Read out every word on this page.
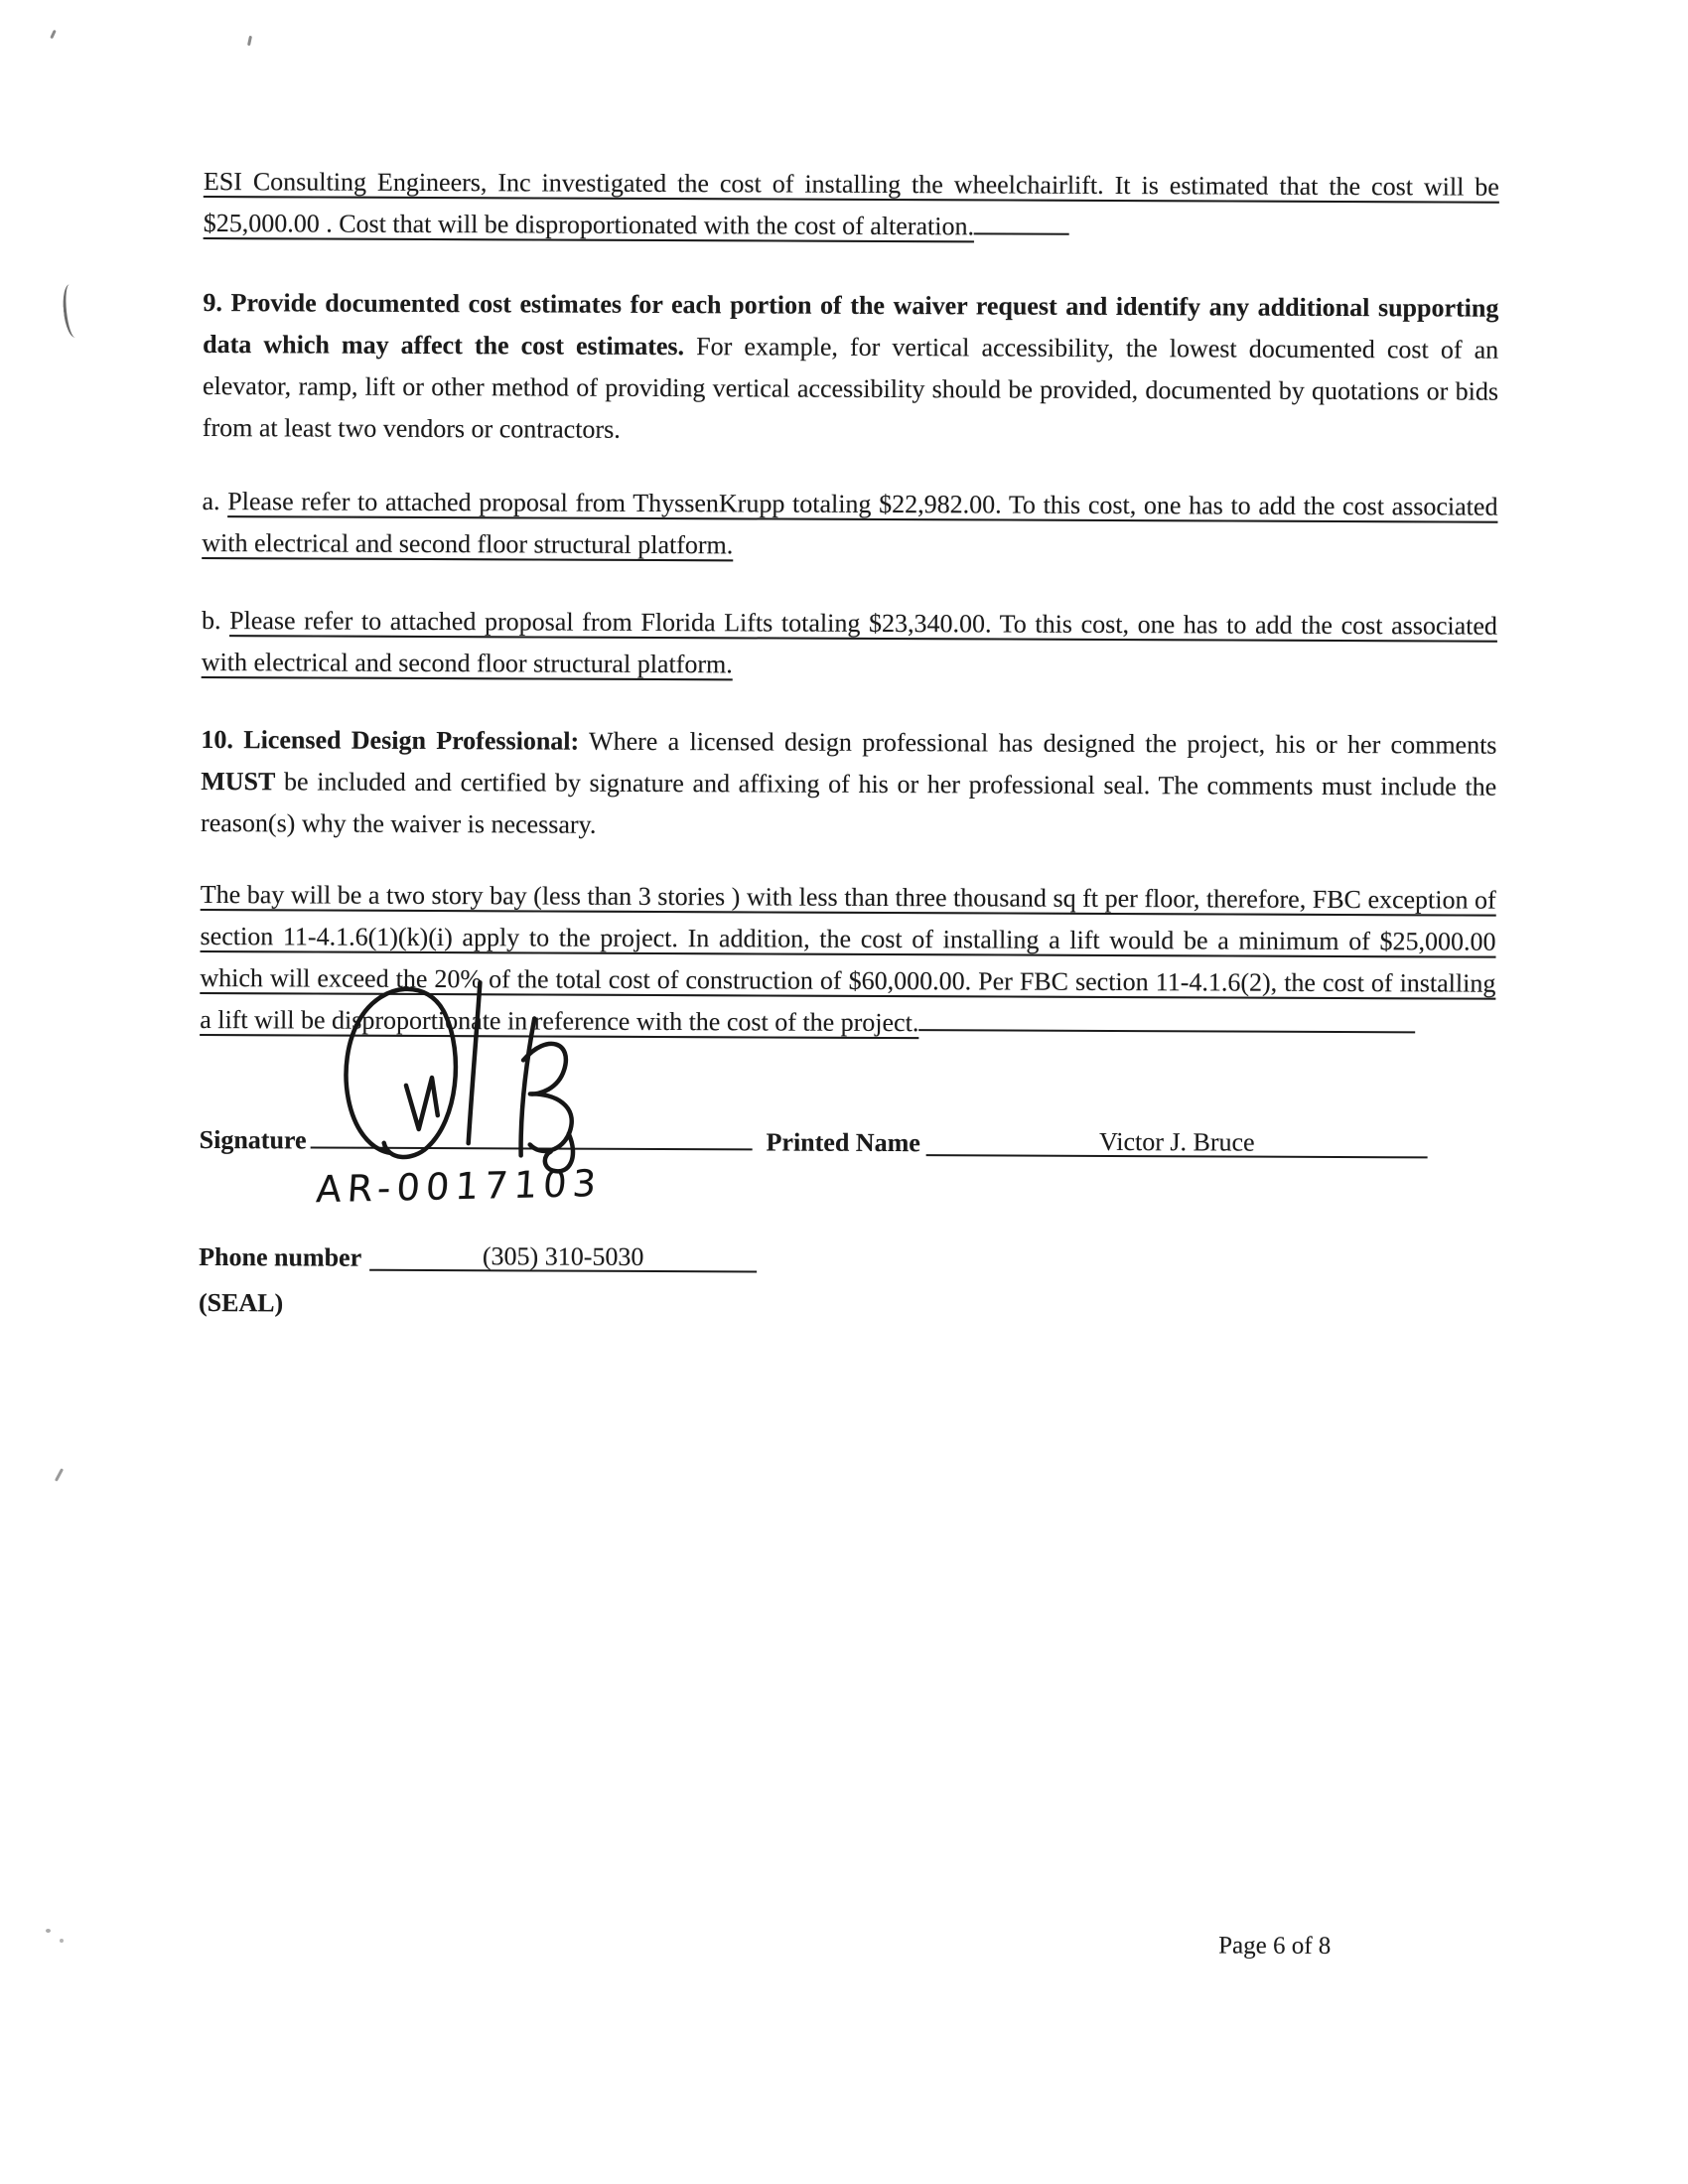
ESI Consulting Engineers, Inc investigated the cost of installing the wheelchairlift. It is estimated that the cost will be $25,000.00 . Cost that will be disproportionated with the cost of alteration.

9. Provide documented cost estimates for each portion of the waiver request and identify any additional supporting data which may affect the cost estimates. For example, for vertical accessibility, the lowest documented cost of an elevator, ramp, lift or other method of providing vertical accessibility should be provided, documented by quotations or bids from at least two vendors or contractors.

a. Please refer to attached proposal from ThyssenKrupp totaling $22,982.00. To this cost, one has to add the cost associated with electrical and second floor structural platform.

b. Please refer to attached proposal from Florida Lifts totaling $23,340.00. To this cost, one has to add the cost associated with electrical and second floor structural platform.

10. Licensed Design Professional: Where a licensed design professional has designed the project, his or her comments MUST be included and certified by signature and affixing of his or her professional seal. The comments must include the reason(s) why the waiver is necessary.

The bay will be a two story bay (less than 3 stories ) with less than three thousand sq ft per floor, therefore, FBC exception of section 11-4.1.6(1)(k)(i) apply to the project. In addition, the cost of installing a lift would be a minimum of $25,000.00 which will exceed the 20% of the total cost of construction of $60,000.00. Per FBC section 11-4.1.6(2), the cost of installing a lift will be disproportionate in reference with the cost of the project.

Signature	Printed Name	Victor J. Bruce
AR-0017103
Phone number	(305) 310-5030
(SEAL)
Page 6 of 8
